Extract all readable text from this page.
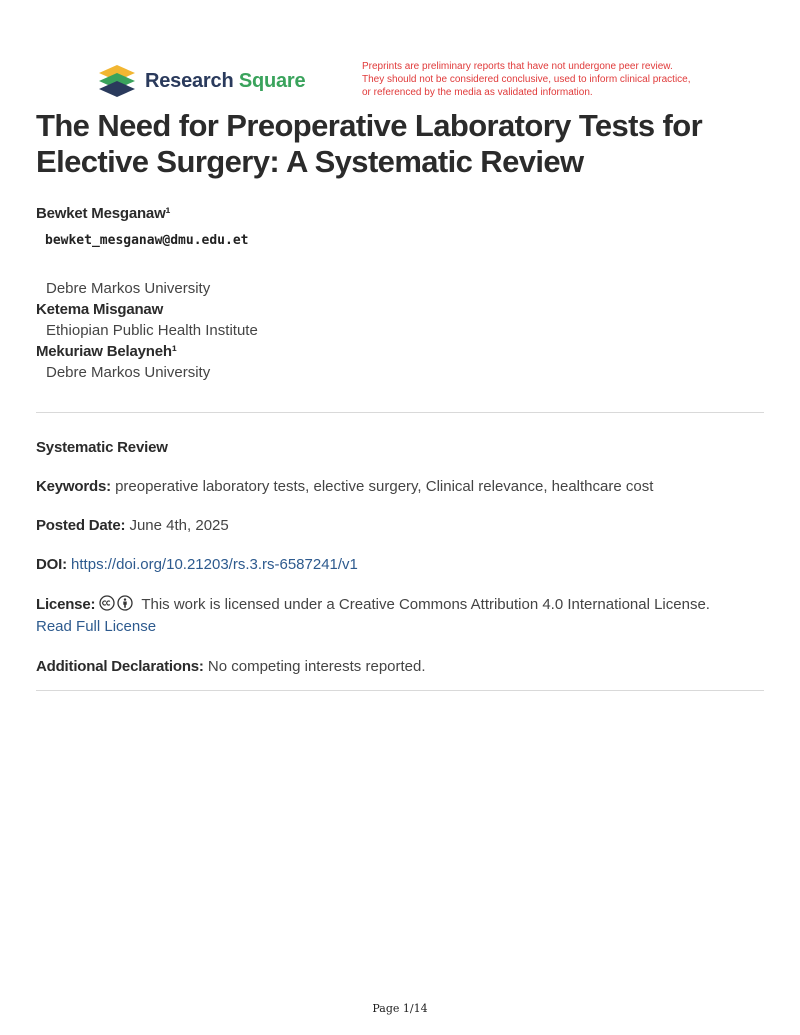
Research Square
Preprints are preliminary reports that have not undergone peer review.
They should not be considered conclusive, used to inform clinical practice,
or referenced by the media as validated information.
The Need for Preoperative Laboratory Tests for Elective Surgery: A Systematic Review
Bewket Mesganaw¹
bewket_mesganaw@dmu.edu.et
Debre Markos University
Ketema Misganaw
Ethiopian Public Health Institute
Mekuriaw Belayneh¹
Debre Markos University
Systematic Review
Keywords: preoperative laboratory tests, elective surgery, Clinical relevance, healthcare cost
Posted Date: June 4th, 2025
DOI: https://doi.org/10.21203/rs.3.rs-6587241/v1
License:	This work is licensed under a Creative Commons Attribution 4.0 International License.
Read Full License
Additional Declarations: No competing interests reported.
Page 1/14
